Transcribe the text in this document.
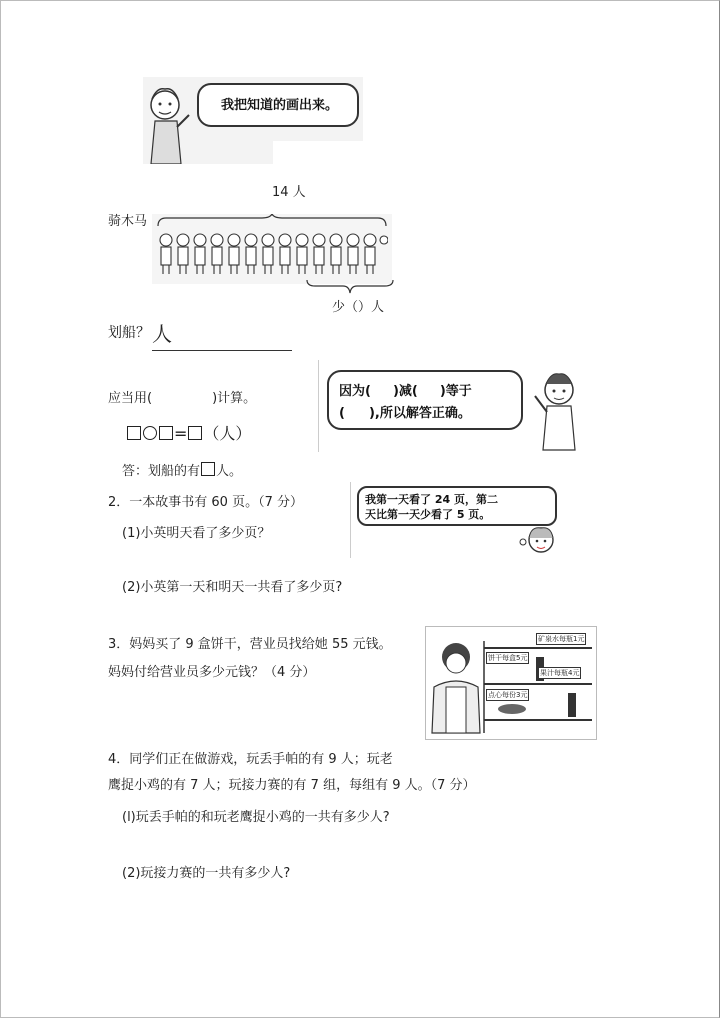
我把知道的画出来。
14 人
骑木马
少（）人
划船？ 人
应当用(	)计算。
= （人）
因为( )减( )等于
( ),所以解答正确。
答：划船的有 人。
2．一本故事书有 60 页。（7 分）
(1)小英明天看了多少页？
我第一天看了 24 页，第二
天比第一天少看了 5 页。
(2)小英第一天和明天一共看了多少页?
3．妈妈买了 9 盒饼干，营业员找给她 55 元钱。
妈妈付给营业员多少元钱？（4 分）
饼干每盒5元
矿泉水每瓶1元
点心每份3元
果汁每瓶4元
4．同学们正在做游戏，玩丢手帕的有 9 人；玩老
鹰捉小鸡的有 7 人；玩接力赛的有 7 组，每组有 9 人。（7 分）
(l)玩丢手帕的和玩老鹰捉小鸡的一共有多少人?
(2)玩接力赛的一共有多少人?
